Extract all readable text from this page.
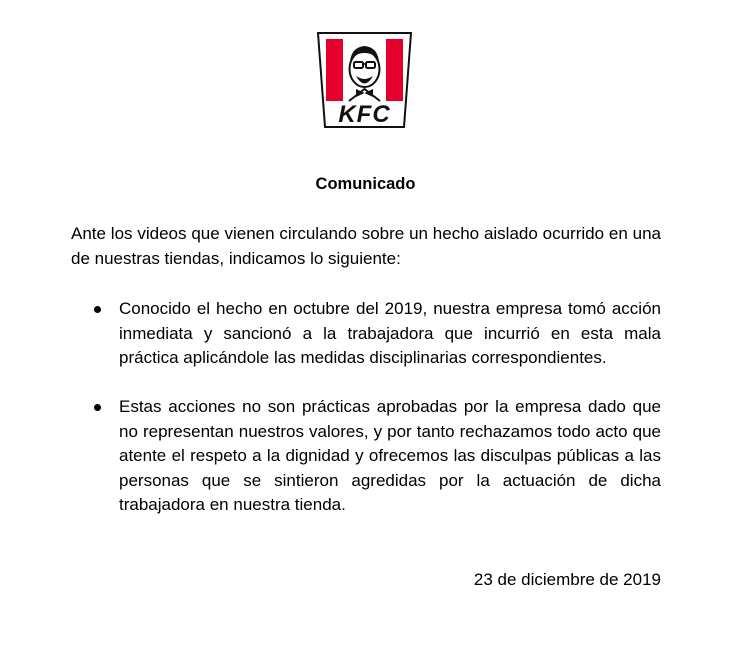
KFC
Comunicado

Ante los videos que vienen circulando sobre un hecho aislado ocurrido en una de nuestras tiendas, indicamos lo siguiente:

Conocido el hecho en octubre del 2019, nuestra empresa tomó acción inmediata y sancionó a la trabajadora que incurrió en esta mala práctica aplicándole las medidas disciplinarias correspondientes.
Estas acciones no son prácticas aprobadas por la empresa dado que no representan nuestros valores, y por tanto rechazamos todo acto que atente el respeto a la dignidad y ofrecemos las disculpas públicas a las personas que se sintieron agredidas por la actuación de dicha trabajadora en nuestra tienda.
23 de diciembre de 2019
